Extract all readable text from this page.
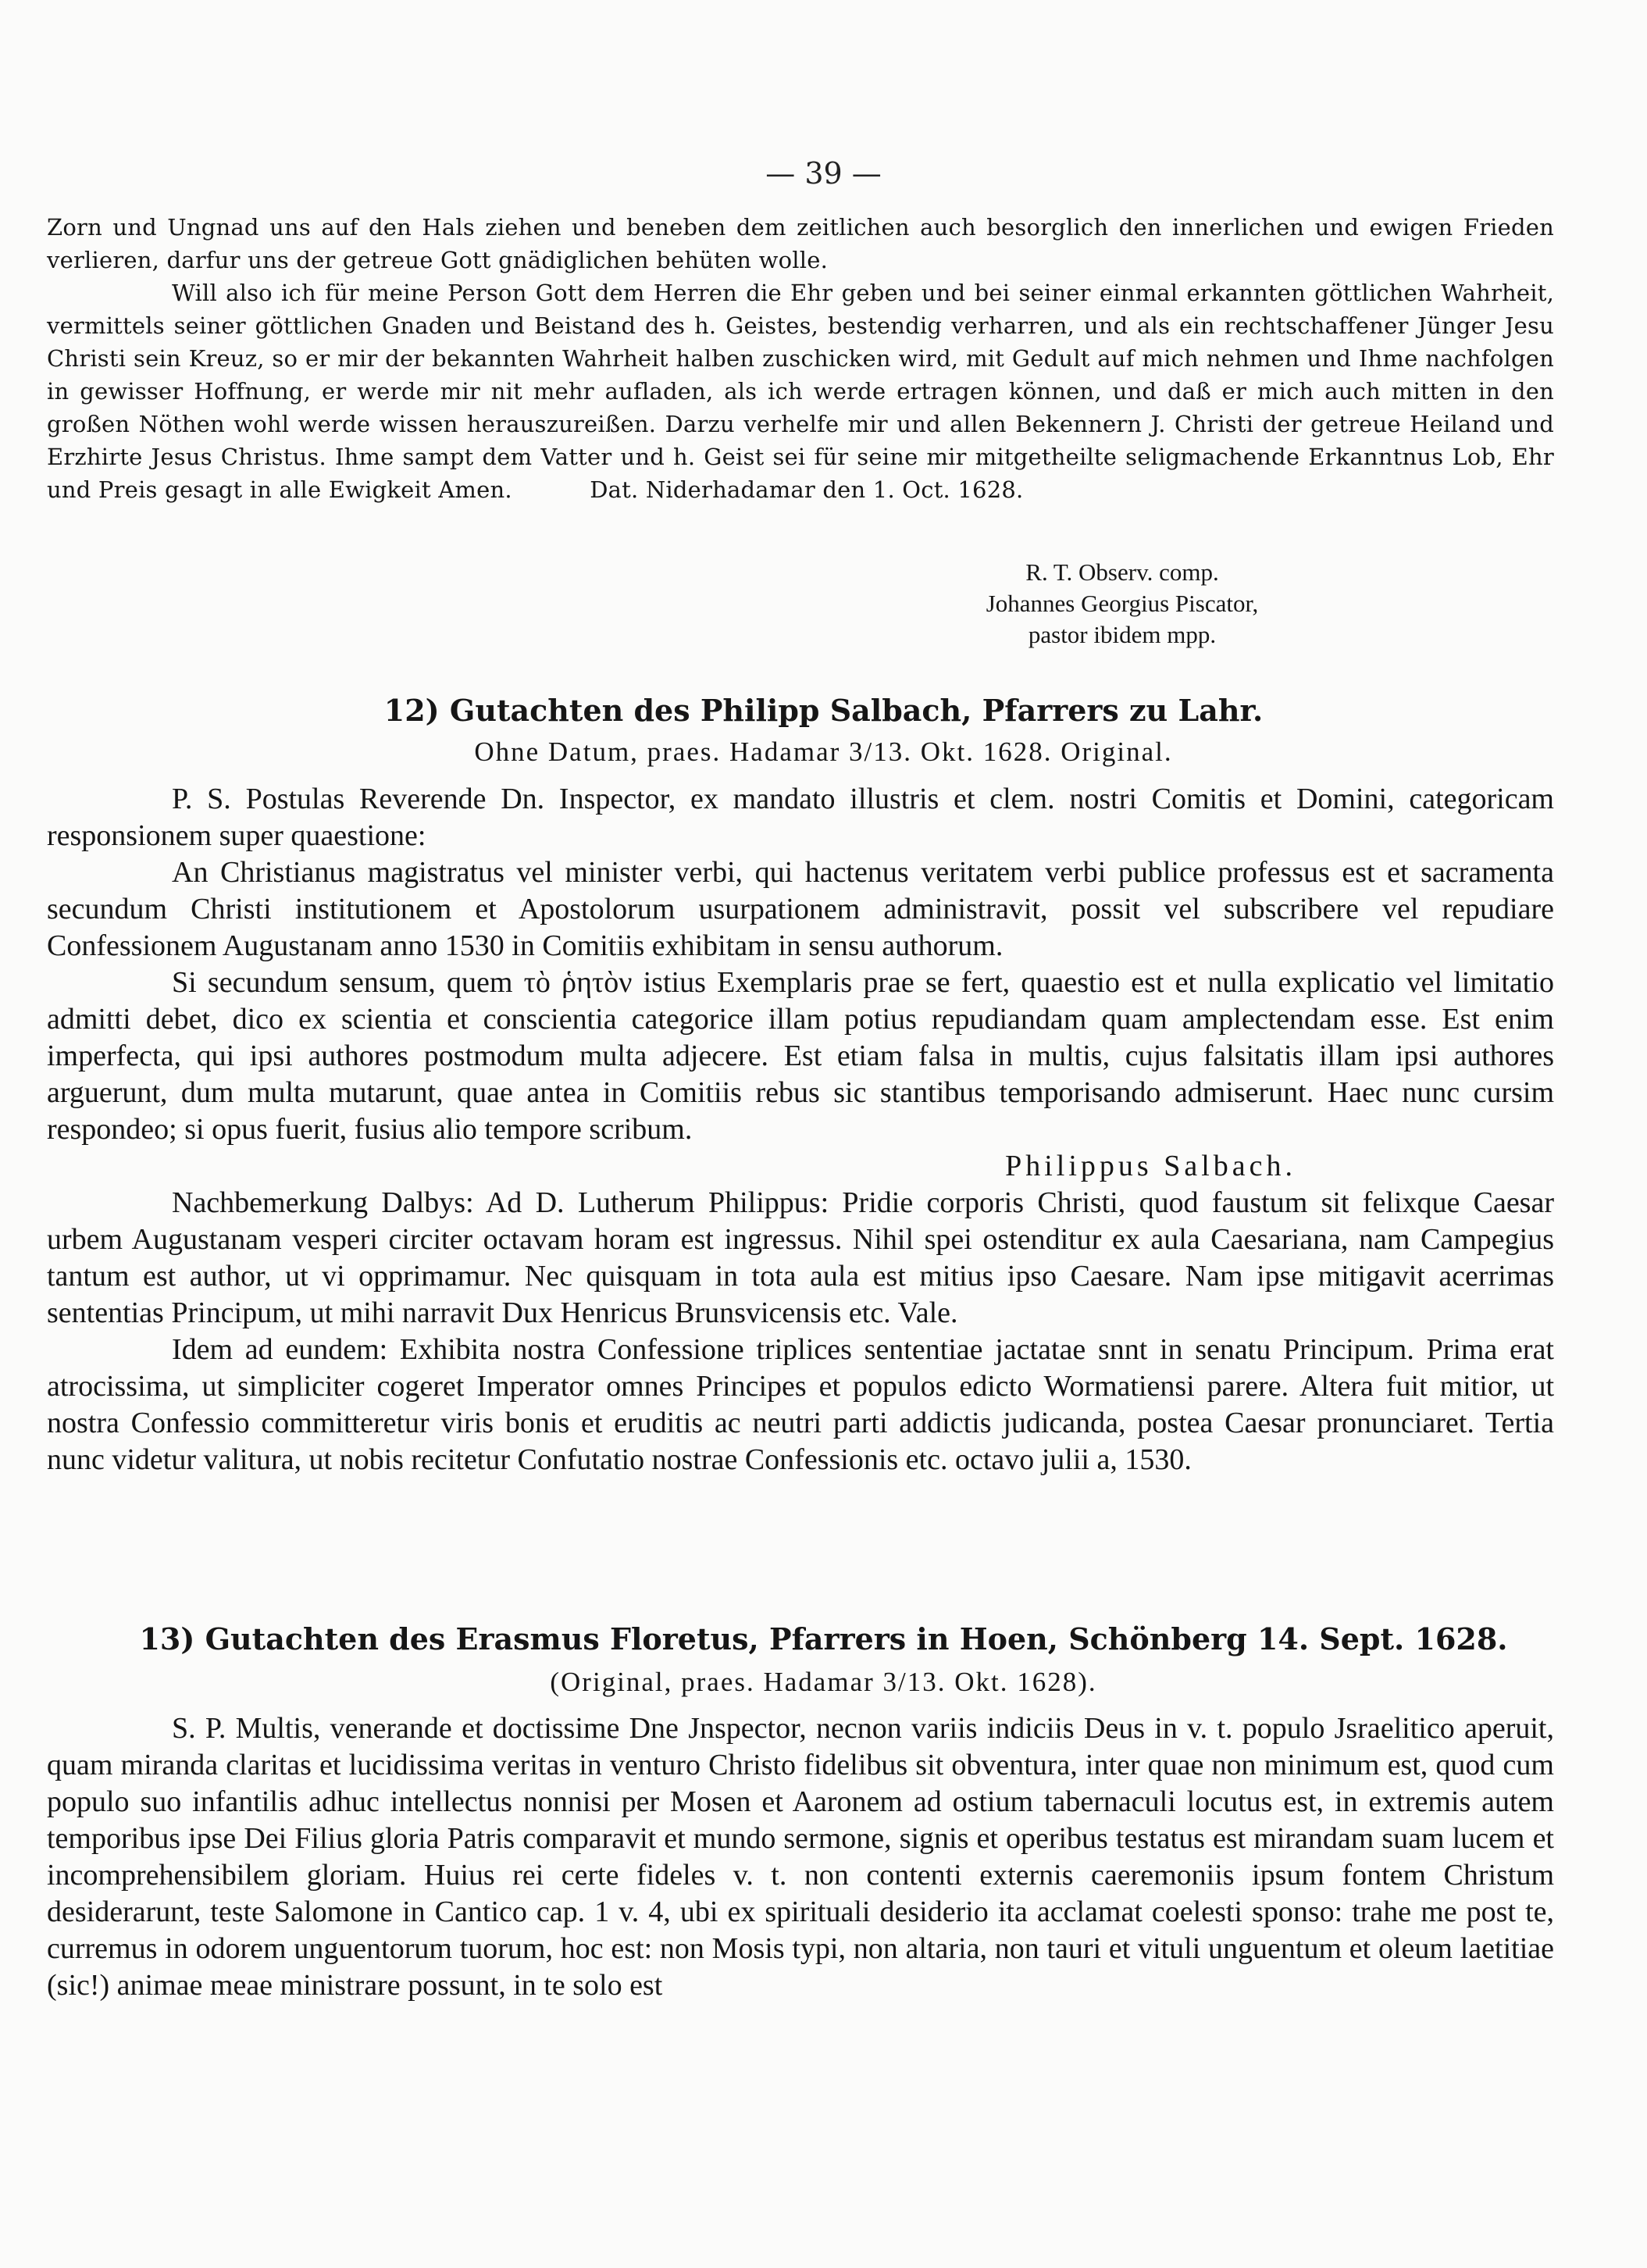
— 39 —

Zorn und Ungnad uns auf den Hals ziehen und beneben dem zeitlichen auch besorglich den innerlichen und ewigen Frieden verlieren, darfur uns der getreue Gott gnädiglichen behüten wolle.

Will also ich für meine Person Gott dem Herren die Ehr geben und bei seiner einmal erkannten göttlichen Wahrheit, vermittels seiner göttlichen Gnaden und Beistand des h. Geistes, bestendig verharren, und als ein rechtschaffener Jünger Jesu Christi sein Kreuz, so er mir der bekannten Wahrheit halben zuschicken wird, mit Gedult auf mich nehmen und Ihme nachfolgen in gewisser Hoffnung, er werde mir nit mehr aufladen, als ich werde ertragen können, und daß er mich auch mitten in den großen Nöthen wohl werde wissen herauszureißen. Darzu verhelfe mir und allen Bekennern J. Christi der getreue Heiland und Erzhirte Jesus Christus. Ihme sampt dem Vatter und h. Geist sei für seine mir mitgetheilte seligmachende Erkanntnus Lob, Ehr und Preis gesagt in alle Ewigkeit Amen.	Dat. Niderhadamar den 1. Oct. 1628.

R. T. Observ. comp.
Johannes Georgius Piscator,
pastor ibidem mpp.
12) Gutachten des Philipp Salbach, Pfarrers zu Lahr.
Ohne Datum, praes. Hadamar 3/13. Okt. 1628. Original.

P. S. Postulas Reverende Dn. Inspector, ex mandato illustris et clem. nostri Comitis et Domini, categoricam responsionem super quaestione:

An Christianus magistratus vel minister verbi, qui hactenus veritatem verbi publice professus est et sacramenta secundum Christi institutionem et Apostolorum usurpationem administravit, possit vel subscribere vel repudiare Confessionem Augustanam anno 1530 in Comitiis exhibitam in sensu authorum.

Si secundum sensum, quem τὸ ῥητὸν istius Exemplaris prae se fert, quaestio est et nulla explicatio vel limitatio admitti debet, dico ex scientia et conscientia categorice illam potius repudiandam quam amplectendam esse. Est enim imperfecta, qui ipsi authores postmodum multa adjecere. Est etiam falsa in multis, cujus falsitatis illam ipsi authores arguerunt, dum multa mutarunt, quae antea in Comitiis rebus sic stantibus temporisando admiserunt. Haec nunc cursim respondeo; si opus fuerit, fusius alio tempore scribum.

Philippus Salbach.

Nachbemerkung Dalbys: Ad D. Lutherum Philippus: Pridie corporis Christi, quod faustum sit felixque Caesar urbem Augustanam vesperi circiter octavam horam est ingressus. Nihil spei ostenditur ex aula Caesariana, nam Campegius tantum est author, ut vi opprimamur. Nec quisquam in tota aula est mitius ipso Caesare. Nam ipse mitigavit acerrimas sententias Principum, ut mihi narravit Dux Henricus Brunsvicensis etc. Vale.

Idem ad eundem: Exhibita nostra Confessione triplices sententiae jactatae snnt in senatu Principum. Prima erat atrocissima, ut simpliciter cogeret Imperator omnes Principes et populos edicto Wormatiensi parere. Altera fuit mitior, ut nostra Confessio committeretur viris bonis et eruditis ac neutri parti addictis judicanda, postea Caesar pronunciaret. Tertia nunc videtur valitura, ut nobis recitetur Confutatio nostrae Confessionis etc. octavo julii a, 1530.

13) Gutachten des Erasmus Floretus, Pfarrers in Hoen, Schönberg 14. Sept. 1628.
(Original, praes. Hadamar 3/13. Okt. 1628).

S. P. Multis, venerande et doctissime Dne Jnspector, necnon variis indiciis Deus in v. t. populo Jsraelitico aperuit, quam miranda claritas et lucidissima veritas in venturo Christo fidelibus sit obventura, inter quae non minimum est, quod cum populo suo infantilis adhuc intellectus nonnisi per Mosen et Aaronem ad ostium tabernaculi locutus est, in extremis autem temporibus ipse Dei Filius gloria Patris comparavit et mundo sermone, signis et operibus testatus est mirandam suam lucem et incomprehensibilem gloriam. Huius rei certe fideles v. t. non contenti externis caeremoniis ipsum fontem Christum desiderarunt, teste Salomone in Cantico cap. 1 v. 4, ubi ex spirituali desiderio ita acclamat coelesti sponso: trahe me post te, curremus in odorem unguentorum tuorum, hoc est: non Mosis typi, non altaria, non tauri et vituli unguentum et oleum laetitiae (sic!) animae meae ministrare possunt, in te solo est
